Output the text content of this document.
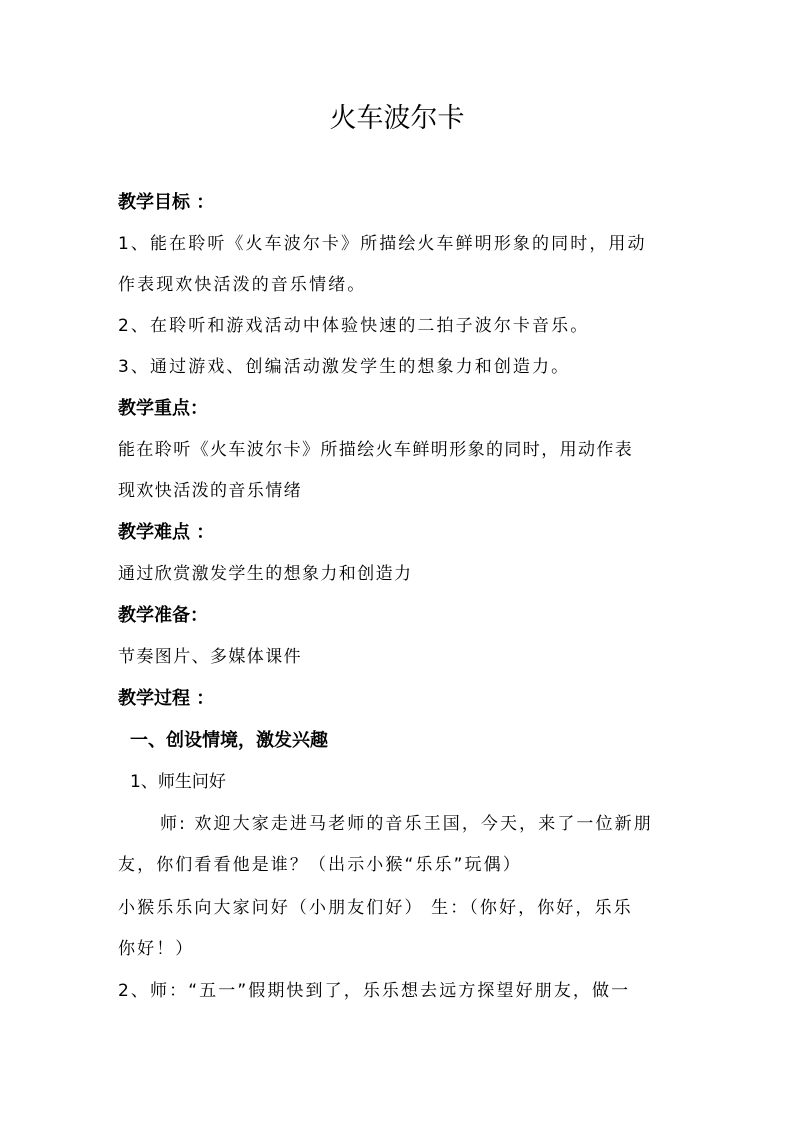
火车波尔卡
教学目标 ：
1、能在聆听《火车波尔卡》所描绘火车鲜明形象的同时，用动
作表现欢快活泼的音乐情绪。
2、在聆听和游戏活动中体验快速的二拍子波尔卡音乐。
3、通过游戏、创编活动激发学生的想象力和创造力。
教学重点：
能在聆听《火车波尔卡》所描绘火车鲜明形象的同时，用动作表
现欢快活泼的音乐情绪
教学难点 ：
通过欣赏激发学生的想象力和创造力
教学准备：
节奏图片、多媒体课件
教学过程 ：
一、创设情境，激发兴趣
1、师生问好
师: 欢迎大家走进马老师的音乐王国，今天，来了一位新朋
友，你们看看他是谁？（出示小猴“乐乐”玩偶）
小猴乐乐向大家问好（小朋友们好） 生：（你好，你好，乐乐
你好！）
2、师：“五一”假期快到了，乐乐想去远方探望好朋友，做一
